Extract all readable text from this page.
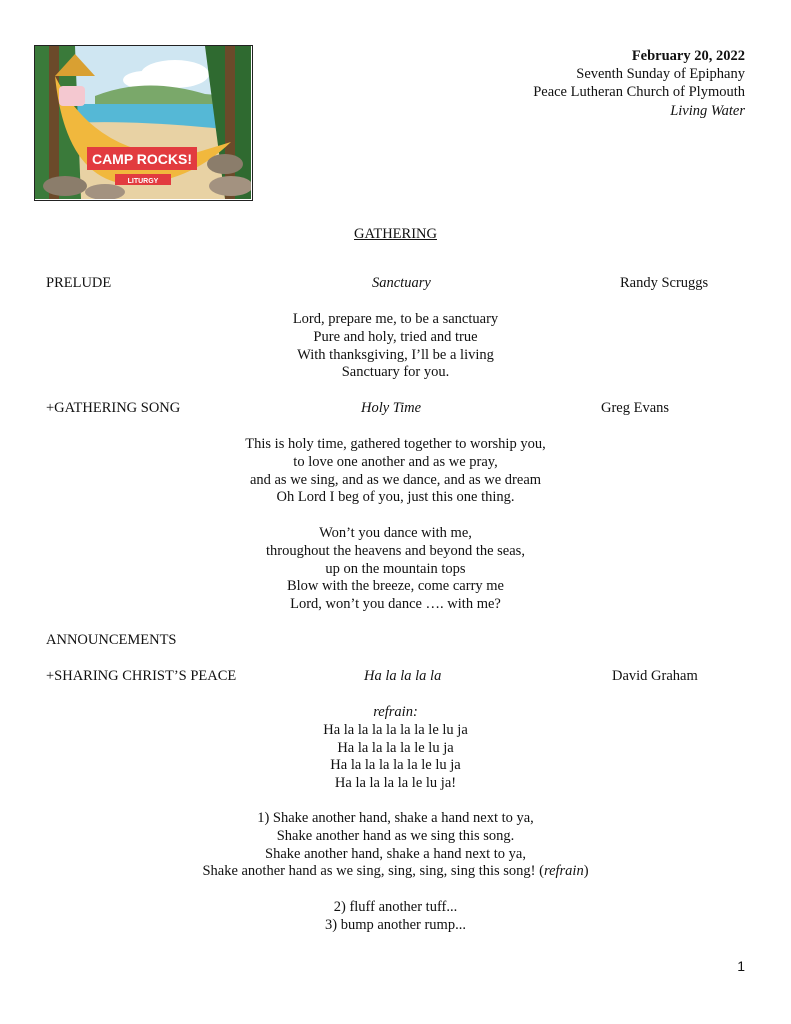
CAMP ROCKS!
LITURGY
February 20, 2022
Seventh Sunday of Epiphany
Peace Lutheran Church of Plymouth
Living Water
GATHERING
PRELUDE	Sanctuary	Randy Scruggs
Lord, prepare me, to be a sanctuary
Pure and holy, tried and true
With thanksgiving, I’ll be a living
Sanctuary for you.
+GATHERING SONG	Holy Time	Greg Evans
This is holy time, gathered together to worship you,
to love one another and as we pray,
and as we sing, and as we dance, and as we dream
Oh Lord I beg of you, just this one thing.
Won’t you dance with me,
throughout the heavens and beyond the seas,
up on the mountain tops
Blow with the breeze, come carry me
Lord, won’t you dance …. with me?
ANNOUNCEMENTS
+SHARING CHRIST’S PEACE	Ha la la la la	David Graham
refrain:
Ha la la la la la la le lu ja
Ha la la la la le lu ja
Ha la la la la la le lu ja
Ha la la la la le lu ja!
1) Shake another hand, shake a hand next to ya,
Shake another hand as we sing this song.
Shake another hand, shake a hand next to ya,
Shake another hand as we sing, sing, sing, sing this song! (refrain)
2) fluff another tuff...
3) bump another rump...
1
